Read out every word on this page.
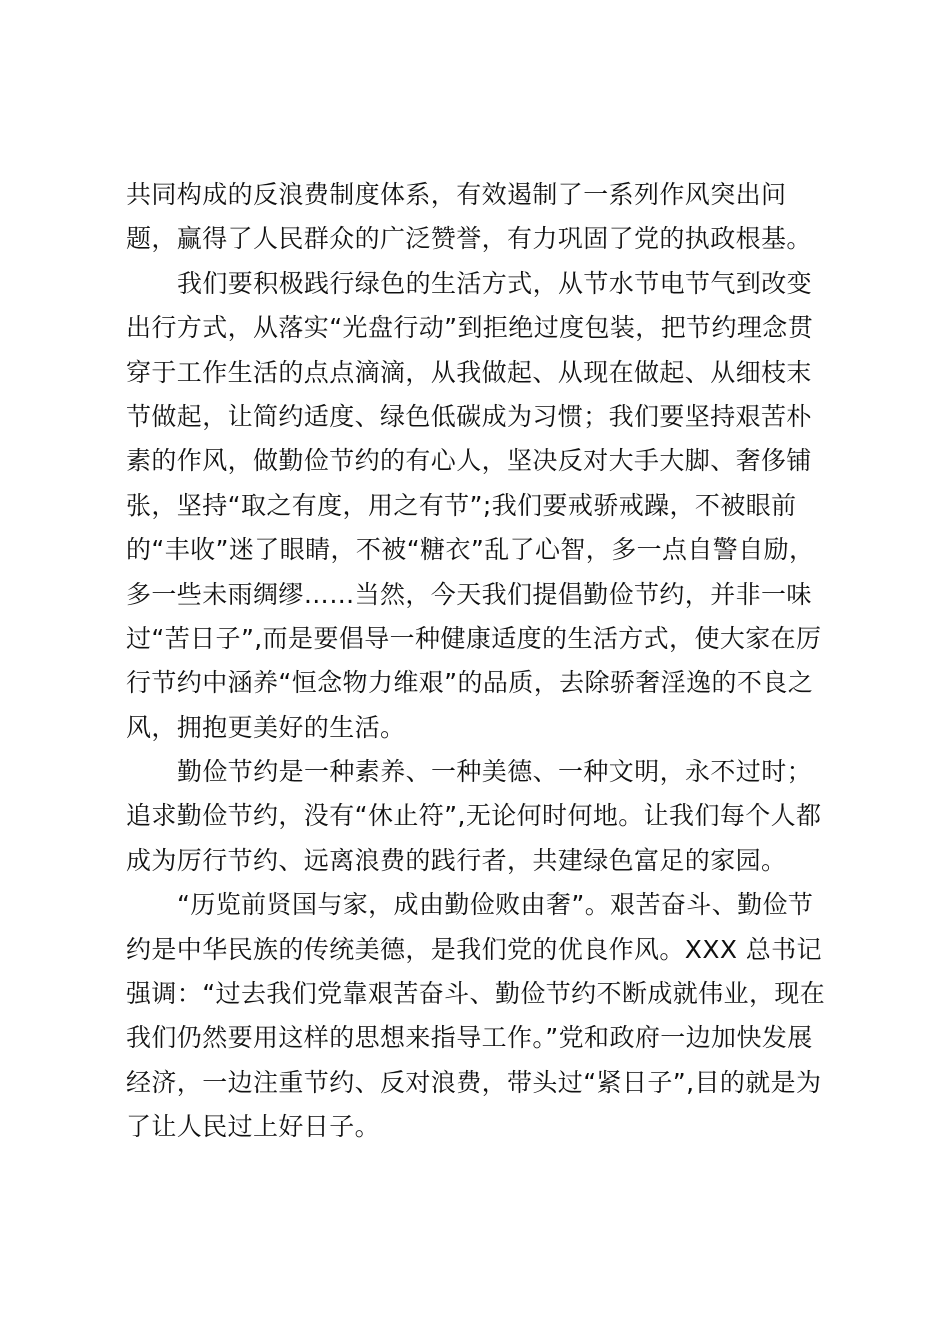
共同构成的反浪费制度体系，有效遏制了一系列作风突出问
题，赢得了人民群众的广泛赞誉，有力巩固了党的执政根基。
我们要积极践行绿色的生活方式，从节水节电节气到改变
出行方式，从落实“光盘行动”到拒绝过度包装，把节约理念贯
穿于工作生活的点点滴滴，从我做起、从现在做起、从细枝末
节做起，让简约适度、绿色低碳成为习惯；我们要坚持艰苦朴
素的作风，做勤俭节约的有心人，坚决反对大手大脚、奢侈铺
张，坚持“取之有度，用之有节”;我们要戒骄戒躁，不被眼前
的“丰收”迷了眼睛，不被“糖衣”乱了心智，多一点自警自励，
多一些未雨绸缪……当然，今天我们提倡勤俭节约，并非一味
过“苦日子”,而是要倡导一种健康适度的生活方式，使大家在厉
行节约中涵养“恒念物力维艰”的品质，去除骄奢淫逸的不良之
风，拥抱更美好的生活。
勤俭节约是一种素养、一种美德、一种文明，永不过时；
追求勤俭节约，没有“休止符”,无论何时何地。让我们每个人都
成为厉行节约、远离浪费的践行者，共建绿色富足的家园。
“历览前贤国与家，成由勤俭败由奢”。艰苦奋斗、勤俭节
约是中华民族的传统美德，是我们党的优良作风。XXX 总书记
强调：“过去我们党靠艰苦奋斗、勤俭节约不断成就伟业，现在
我们仍然要用这样的思想来指导工作。”党和政府一边加快发展
经济，一边注重节约、反对浪费，带头过“紧日子”,目的就是为
了让人民过上好日子。
